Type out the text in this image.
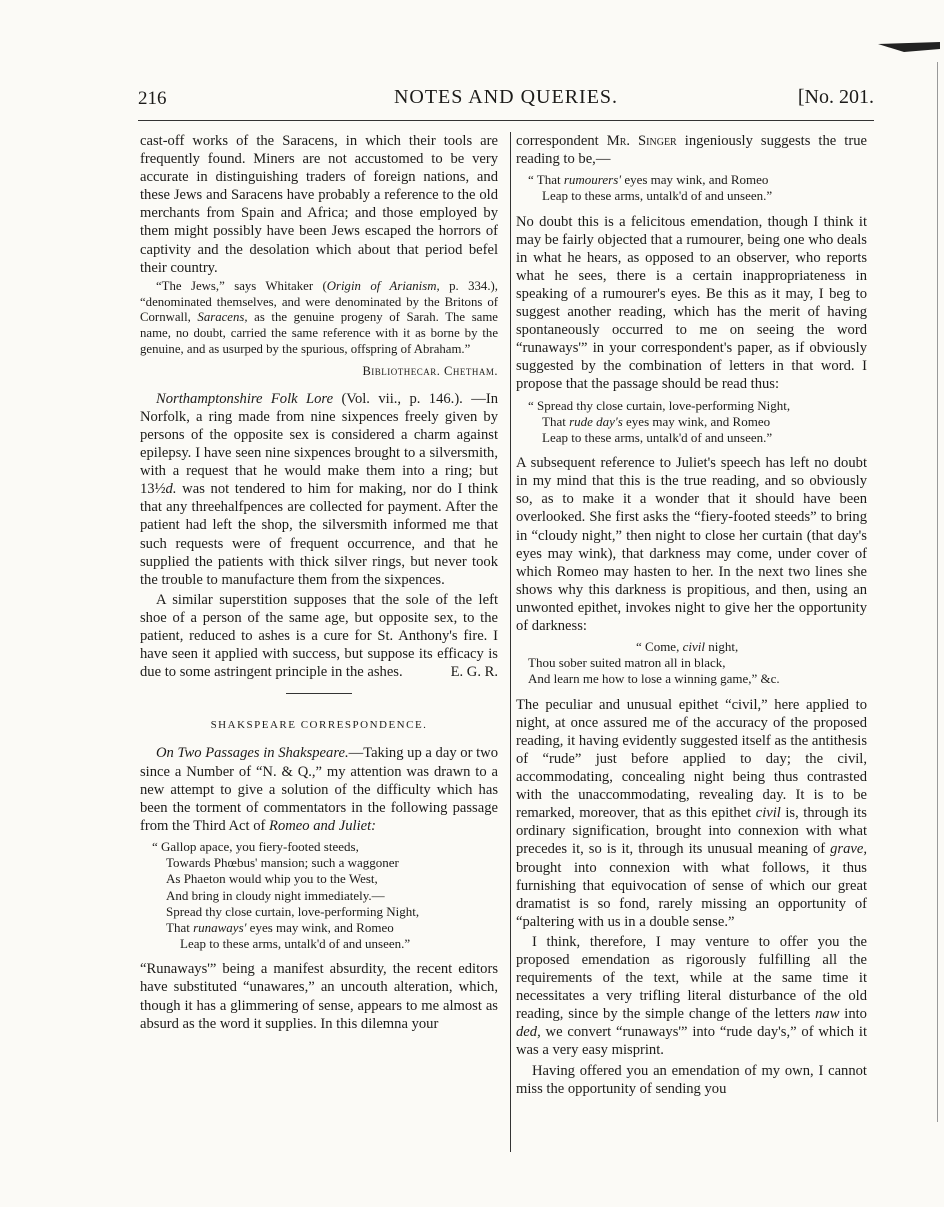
216	NOTES AND QUERIES.	[No. 201.

cast-off works of the Saracens, in which their tools are frequently found. Miners are not accustomed to be very accurate in distinguishing traders of foreign nations, and these Jews and Saracens have probably a reference to the old merchants from Spain and Africa; and those employed by them might possibly have been Jews escaped the horrors of captivity and the desolation which about that period befel their country.

“The Jews,” says Whitaker (Origin of Arianism, p. 334.), “denominated themselves, and were denominated by the Britons of Cornwall, Saracens, as the genuine progeny of Sarah. The same name, no doubt, carried the same reference with it as borne by the genuine, and as usurped by the spurious, offspring of Abraham.”

Bibliothecar. Chetham.

Northamptonshire Folk Lore (Vol. vii., p. 146.). —In Norfolk, a ring made from nine sixpences freely given by persons of the opposite sex is considered a charm against epilepsy. I have seen nine sixpences brought to a silversmith, with a request that he would make them into a ring; but 13½d. was not tendered to him for making, nor do I think that any threehalfpences are collected for payment. After the patient had left the shop, the silversmith informed me that such requests were of frequent occurrence, and that he supplied the patients with thick silver rings, but never took the trouble to manufacture them from the sixpences.

A similar superstition supposes that the sole of the left shoe of a person of the same age, but opposite sex, to the patient, reduced to ashes is a cure for St. Anthony's fire. I have seen it applied with success, but suppose its efficacy is due to some astringent principle in the ashes.	E. G. R.

SHAKSPEARE CORRESPONDENCE.

On Two Passages in Shakspeare.—Taking up a day or two since a Number of “N. & Q.,” my attention was drawn to a new attempt to give a solution of the difficulty which has been the torment of commentators in the following passage from the Third Act of Romeo and Juliet:

“ Gallop apace, you fiery-footed steeds,
Towards Phœbus' mansion; such a waggoner
As Phaeton would whip you to the West,
And bring in cloudy night immediately.—
Spread thy close curtain, love-performing Night,
That runaways' eyes may wink, and Romeo
Leap to these arms, untalk'd of and unseen.”

“Runaways'” being a manifest absurdity, the recent editors have substituted “unawares,” an uncouth alteration, which, though it has a glimmering of sense, appears to me almost as absurd as the word it supplies. In this dilemna your

correspondent Mr. Singer ingeniously suggests the true reading to be,—

“ That rumourers' eyes may wink, and Romeo
Leap to these arms, untalk'd of and unseen.”

No doubt this is a felicitous emendation, though I think it may be fairly objected that a rumourer, being one who deals in what he hears, as opposed to an observer, who reports what he sees, there is a certain inappropriateness in speaking of a rumourer's eyes. Be this as it may, I beg to suggest another reading, which has the merit of having spontaneously occurred to me on seeing the word “runaways'” in your correspondent's paper, as if obviously suggested by the combination of letters in that word. I propose that the passage should be read thus:

“ Spread thy close curtain, love-performing Night,
That rude day's eyes may wink, and Romeo
Leap to these arms, untalk'd of and unseen.”

A subsequent reference to Juliet's speech has left no doubt in my mind that this is the true reading, and so obviously so, as to make it a wonder that it should have been overlooked. She first asks the “fiery-footed steeds” to bring in “cloudy night,” then night to close her curtain (that day's eyes may wink), that darkness may come, under cover of which Romeo may hasten to her. In the next two lines she shows why this darkness is propitious, and then, using an unwonted epithet, invokes night to give her the opportunity of darkness:

“ Come, civil night,
Thou sober suited matron all in black,
And learn me how to lose a winning game,” &c.

The peculiar and unusual epithet “civil,” here applied to night, at once assured me of the accuracy of the proposed reading, it having evidently suggested itself as the antithesis of “rude” just before applied to day; the civil, accommodating, concealing night being thus contrasted with the unaccommodating, revealing day. It is to be remarked, moreover, that as this epithet civil is, through its ordinary signification, brought into connexion with what precedes it, so is it, through its unusual meaning of grave, brought into connexion with what follows, it thus furnishing that equivocation of sense of which our great dramatist is so fond, rarely missing an opportunity of “paltering with us in a double sense.”

I think, therefore, I may venture to offer you the proposed emendation as rigorously fulfilling all the requirements of the text, while at the same time it necessitates a very trifling literal disturbance of the old reading, since by the simple change of the letters naw into ded, we convert “runaways'” into “rude day's,” of which it was a very easy misprint.

Having offered you an emendation of my own, I cannot miss the opportunity of sending you
